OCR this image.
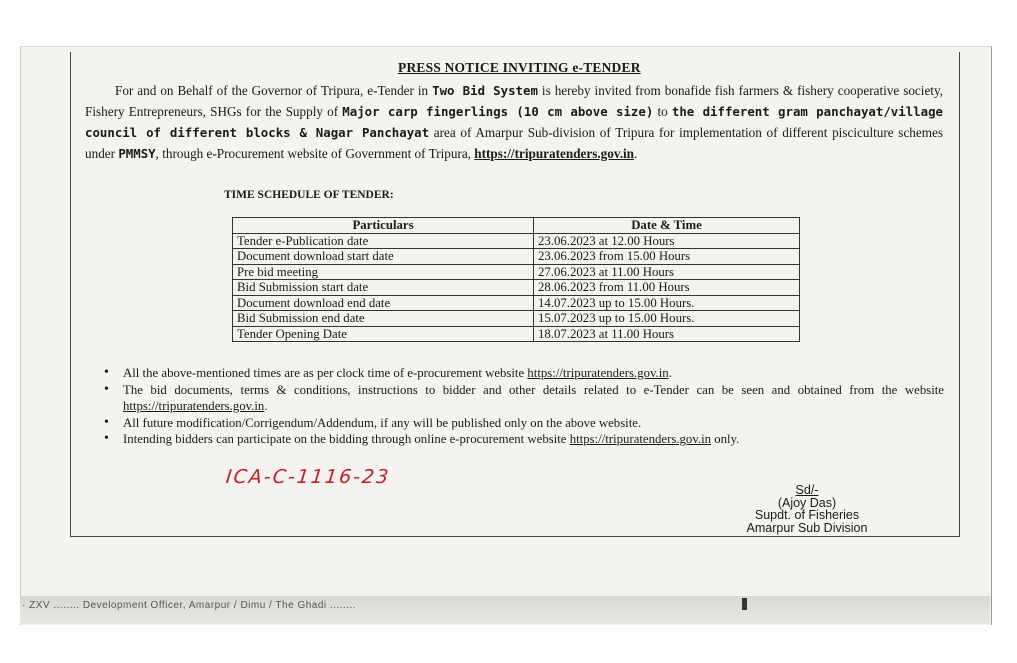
· ZXV ........ Development Officer, Amarpur / Dimu / The Ghadi ........
PRESS NOTICE INVITING e-TENDER
For and on Behalf of the Governor of Tripura, e-Tender in Two Bid System is hereby invited from bonafide fish farmers & fishery cooperative society, Fishery Entrepreneurs, SHGs for the Supply of Major carp fingerlings (10 cm above size) to the different gram panchayat/village council of different blocks & Nagar Panchayat area of Amarpur Sub-division of Tripura for implementation of different pisciculture schemes under PMMSY, through e-Procurement website of Government of Tripura, https://tripuratenders.gov.in.
TIME SCHEDULE OF TENDER:
Particulars	Date & Time
Tender e-Publication date	23.06.2023 at 12.00 Hours
Document download start date	23.06.2023 from 15.00 Hours
Pre bid meeting	27.06.2023 at 11.00 Hours
Bid Submission start date	28.06.2023 from 11.00 Hours
Document download end date	14.07.2023 up to 15.00 Hours.
Bid Submission end date	15.07.2023 up to 15.00 Hours.
Tender Opening Date	18.07.2023 at 11.00 Hours
• All the above-mentioned times are as per clock time of e-procurement website https://tripuratenders.gov.in.
• The bid documents, terms & conditions, instructions to bidder and other details related to e-Tender can be seen and obtained from the website https://tripuratenders.gov.in.
• All future modification/Corrigendum/Addendum, if any will be published only on the above website.
• Intending bidders can participate on the bidding through online e-procurement website https://tripuratenders.gov.in only.
ICA-C-1116-23
Sd/-
(Ajoy Das)
Supdt. of Fisheries
Amarpur Sub Division
